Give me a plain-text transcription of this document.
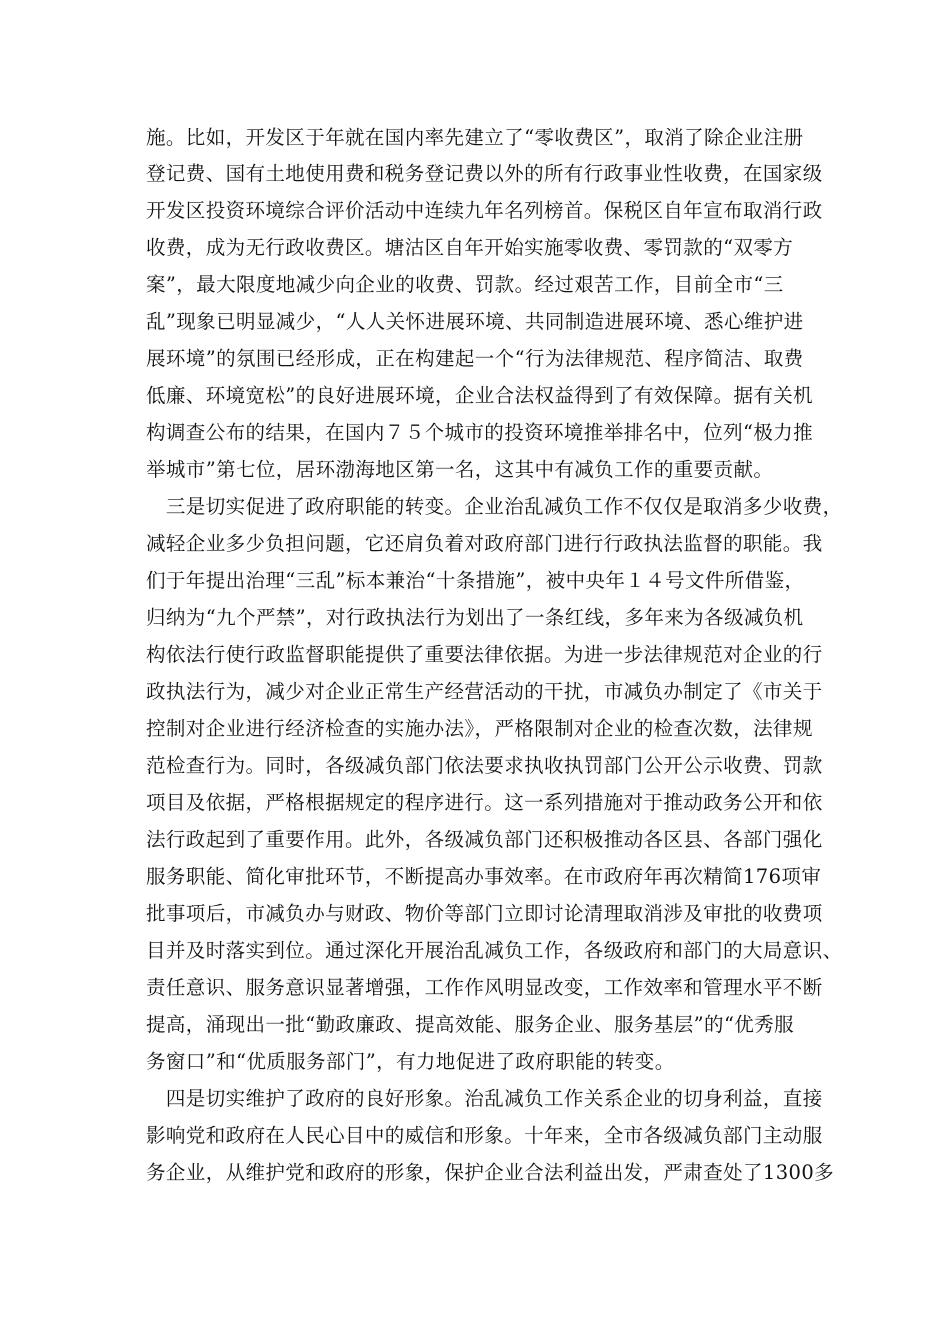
施。比如，开发区于年就在国内率先建立了“零收费区”，取消了除企业注册
登记费、国有土地使用费和税务登记费以外的所有行政事业性收费，在国家级
开发区投资环境综合评价活动中连续九年名列榜首。保税区自年宣布取消行政
收费，成为无行政收费区。塘沽区自年开始实施零收费、零罚款的“双零方
案”，最大限度地减少向企业的收费、罚款。经过艰苦工作，目前全市“三
乱”现象已明显减少，“人人关怀进展环境、共同制造进展环境、悉心维护进
展环境”的氛围已经形成，正在构建起一个“行为法律规范、程序简洁、取费
低廉、环境宽松”的良好进展环境，企业合法权益得到了有效保障。据有关机
构调查公布的结果，在国内７５个城市的投资环境推举排名中，位列“极力推
举城市”第七位，居环渤海地区第一名，这其中有减负工作的重要贡献。
　三是切实促进了政府职能的转变。企业治乱减负工作不仅仅是取消多少收费，
减轻企业多少负担问题，它还肩负着对政府部门进行行政执法监督的职能。我
们于年提出治理“三乱”标本兼治“十条措施”，被中央年１４号文件所借鉴，
归纳为“九个严禁”，对行政执法行为划出了一条红线，多年来为各级减负机
构依法行使行政监督职能提供了重要法律依据。为进一步法律规范对企业的行
政执法行为，减少对企业正常生产经营活动的干扰，市减负办制定了《市关于
控制对企业进行经济检查的实施办法》，严格限制对企业的检查次数，法律规
范检查行为。同时，各级减负部门依法要求执收执罚部门公开公示收费、罚款
项目及依据，严格根据规定的程序进行。这一系列措施对于推动政务公开和依
法行政起到了重要作用。此外，各级减负部门还积极推动各区县、各部门强化
服务职能、简化审批环节，不断提高办事效率。在市政府年再次精简176项审
批事项后，市减负办与财政、物价等部门立即讨论清理取消涉及审批的收费项
目并及时落实到位。通过深化开展治乱减负工作，各级政府和部门的大局意识、
责任意识、服务意识显著增强，工作作风明显改变，工作效率和管理水平不断
提高，涌现出一批“勤政廉政、提高效能、服务企业、服务基层”的“优秀服
务窗口”和“优质服务部门”，有力地促进了政府职能的转变。
　四是切实维护了政府的良好形象。治乱减负工作关系企业的切身利益，直接
影响党和政府在人民心目中的威信和形象。十年来，全市各级减负部门主动服
务企业，从维护党和政府的形象，保护企业合法利益出发，严肃查处了1300多
